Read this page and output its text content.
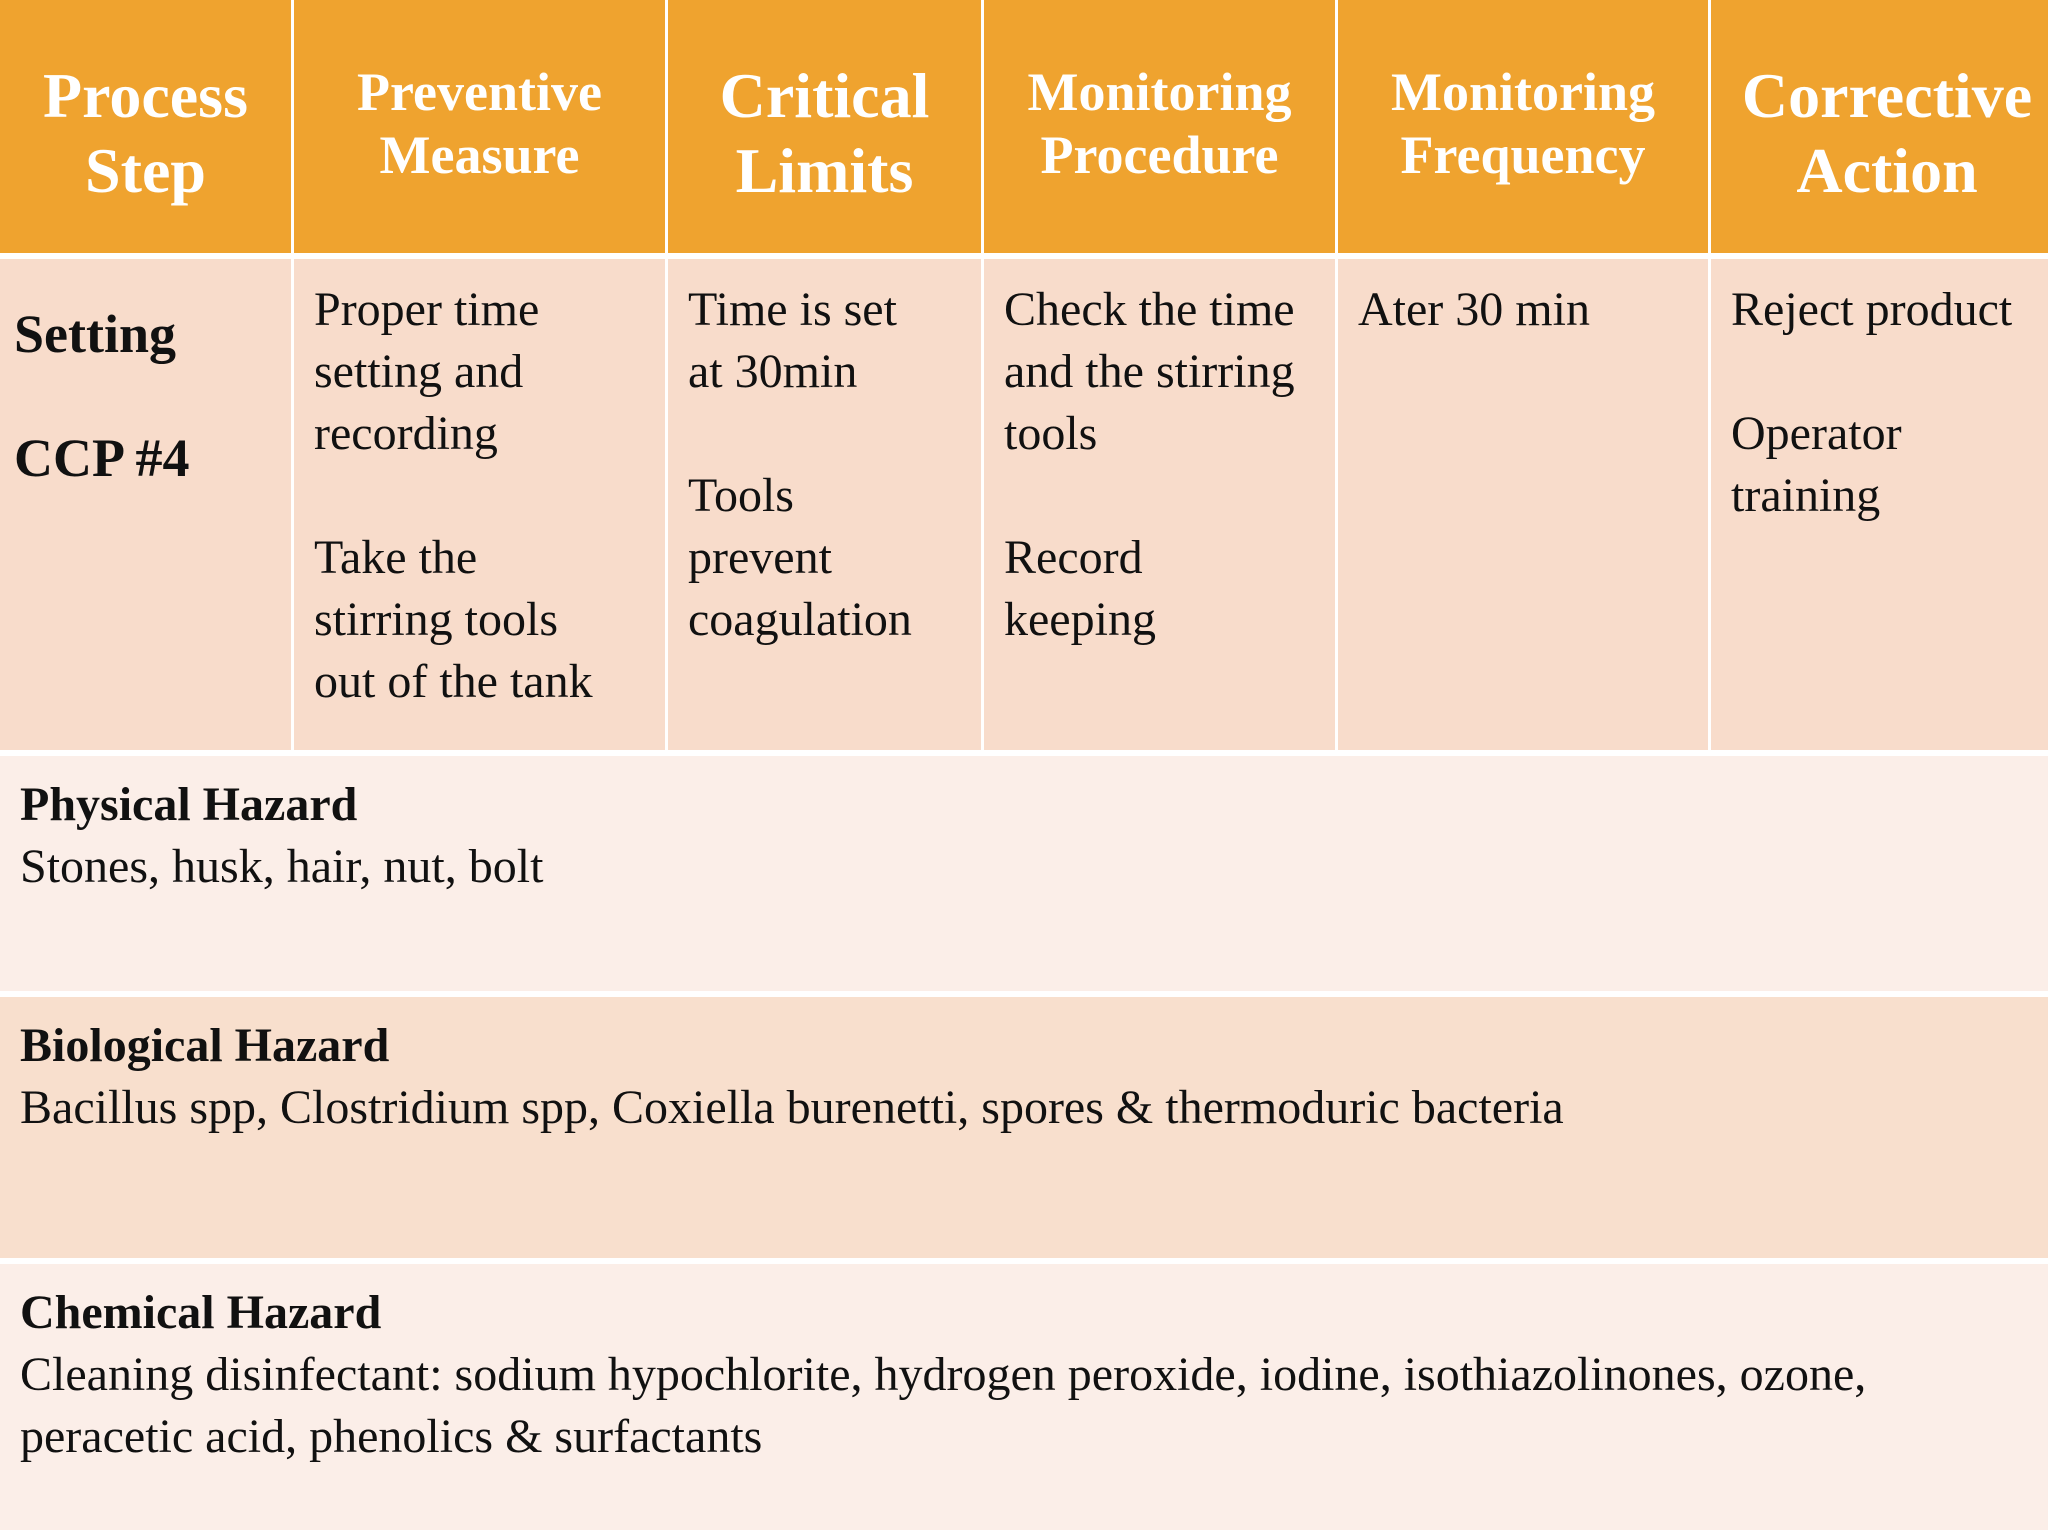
Process
Step
Preventive
Measure
Critical
Limits
Monitoring
Procedure
Monitoring
Frequency
Corrective
Action
Setting
CCP #4
Proper time
setting and
recording
Take the
stirring tools
out of the tank
Time is set
at 30min
Tools
prevent
coagulation
Check the time
and the stirring
tools
Record
keeping
Ater 30 min	Reject product
Operator
training
Physical Hazard
Stones, husk, hair, nut, bolt
Biological Hazard
Bacillus spp, Clostridium spp, Coxiella burenetti, spores & thermoduric bacteria
Chemical Hazard
Cleaning disinfectant: sodium hypochlorite, hydrogen peroxide, iodine, isothiazolinones, ozone,
peracetic acid, phenolics & surfactants
